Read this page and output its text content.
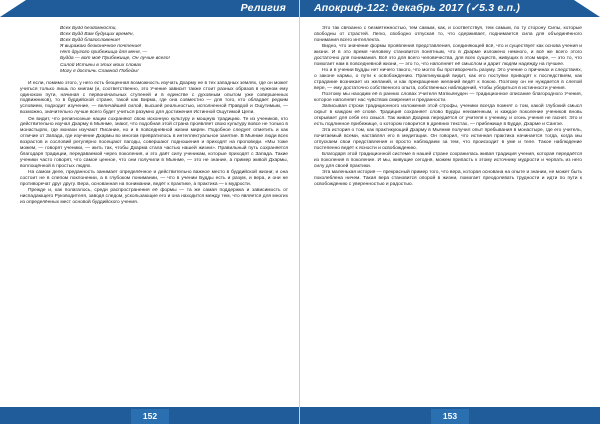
Религия
Всех Будд бездомности,
Всех Будд Вам будущих времён,
Всех Будд благословение!
Я выражаю безконечное почтение!
Нет другого прибежища для меня, —
Будда — вот моё Прибежище, Он лучше всего!
Силой Истины в этих моих словах
Могу я достичь Славной Победы!

И если, помимо этого, у него есть безценная возможность изучать Дхарму не в тех западных землях, где он может учиться только лишь по книгам (и, соответственно, это Учение зависит также стоит разных образов в нужном ему одиноком пути, начиная с первоначальных ступеней и в единстве с духовным опытом уже совершенных подвижников), то в буддийской стране, такой как Бирма, где она совместно — для того, кто обладает редким условием, подходит изучение, — величайшей силой, высшей реальностью, исполненной Правдой и Ощутимым, — возможно, значительно лучше всего будет учиться разумно для достижения Истинной Ощутимой Цели.

Он видит, что религиозные нации сохраняют свою исконную культуру и мощную традицию. Те из учеников, кто действительно изучал Дхарму в Мьянме, знают, что подобная этой страна проявляет свою культуру вовсе не только в монастырях, где монахи изучают Писание, но и в повседневной жизни мирян. Подобное следует отметить и как отличие от Запада, где изучение Дхармы во многом превратилось в интеллектуальное занятие. В Мьянме люди всех возрастов и сословий регулярно посещают пагоды, совершают подношения и приходят на проповеди. «Мы тоже можем, — говорят ученики, — жить так, чтобы Дхарма стала частью нашей жизни». Правильный путь сохраняется благодаря традиции, передаваемой через поколения, и это даёт силу ученикам, которые приходят с Запада. Такие ученики часто говорят, что самое ценное, что они получили в Мьянме, — это не знание, а пример живой Дхармы, воплощённой в простых людях.

На самом деле, преданность занимает определённое и действительно важное место в буддийской жизни; и она состоит не в слепом поклонении, а в глубоком понимании, — что в учении Будды есть и разум, и вера, и они не противоречат друг другу. Вера, основанная на понимании, ведёт к практике, а практика — к мудрости.

Прежде и, как полагалось, среди распространения её формы — та же самая поддержка и зависимость от ниспадающего Руководителя, заводя следом, ускользающие его и она находится между тем, что является для многих из определённых мест основой буддийского учения.

152
Апокриф-122: декабрь 2017 (✓5.3 е.п.)

Это так связанно с безмятежностью, тем самым, как, и соответствуя, тем самым, по ту сторону Силы, которые свободны от страстей. Легко, свободно отпуская то, что сдерживает, поднимается сила для объединённого понимания всего интеллекта.

Видно, что значение формы проявления представления, соединяющей всё, что и существует как основа учения и жизни. И в это время человеку становится понятным, что в Дхарме изложено немного, и всё же всего этого достаточно для понимания. Всё это для всего человечества, для всех существ, живущих в этом мире, — это то, что помогает нам в повседневной жизни, — это то, что наполняет её смыслом и дарит людям надежду на лучшее.

Но и в учении Будды нет ничего такого, что могло бы противоречить разуму. Это учение о причинах и следствиях, о законе кармы, о пути к освобождению. Практикующий видит, как его поступки приводят к последствиям, как страдание возникает из желаний, и как прекращение желаний ведёт к покою. Поэтому он не нуждается в слепой вере, — ему достаточно собственного опыта, собственных наблюдений, чтобы убедиться в истинности учения.

Поэтому мы находим её в ранних словах Учителя Маткьянуден — традиционное описание благородного Учения, которое наполняет нас чувством смирения и преданности.

Записывая строки традиционного изложения этой строфы, ученики всегда помнят о том, какой глубокий смысл скрыт в каждом её слове. Традиция сохраняет слово Будды неизменным, и каждое поколение учеников вновь открывает для себя его смысл. Так живая Дхарма передаётся от учителя к ученику, и огонь учения не гаснет. Это и есть подлинное прибежище, о котором говорится в древних текстах, — прибежище в Будде, Дхарме и Сангхе.

Эта история о том, как практикующий Дхарму в Мьянме получил опыт пребывания в монастыре, где его учитель, почитаемый всеми, наставлял его в медитации. Он говорил, что истинная практика начинается тогда, когда мы отпускаем свои представления и просто наблюдаем за тем, что происходит в уме и теле. Такое наблюдение постепенно ведёт к ясности и освобождению.

Благодаря этой традиционной системе в нашей стране сохранилась живая традиция учения, которая передаётся из поколения в поколение. И мы, живущие сегодня, можем припасть к этому источнику мудрости и черпать из него силу для своей практики.

Эта маленькая история — прекрасный пример того, что вера, которая основана на опыте и знании, не может быть поколеблена ничем. Такая вера становится опорой в жизни, помогает преодолевать трудности и идти по пути к освобождению с уверенностью и радостью.

153
